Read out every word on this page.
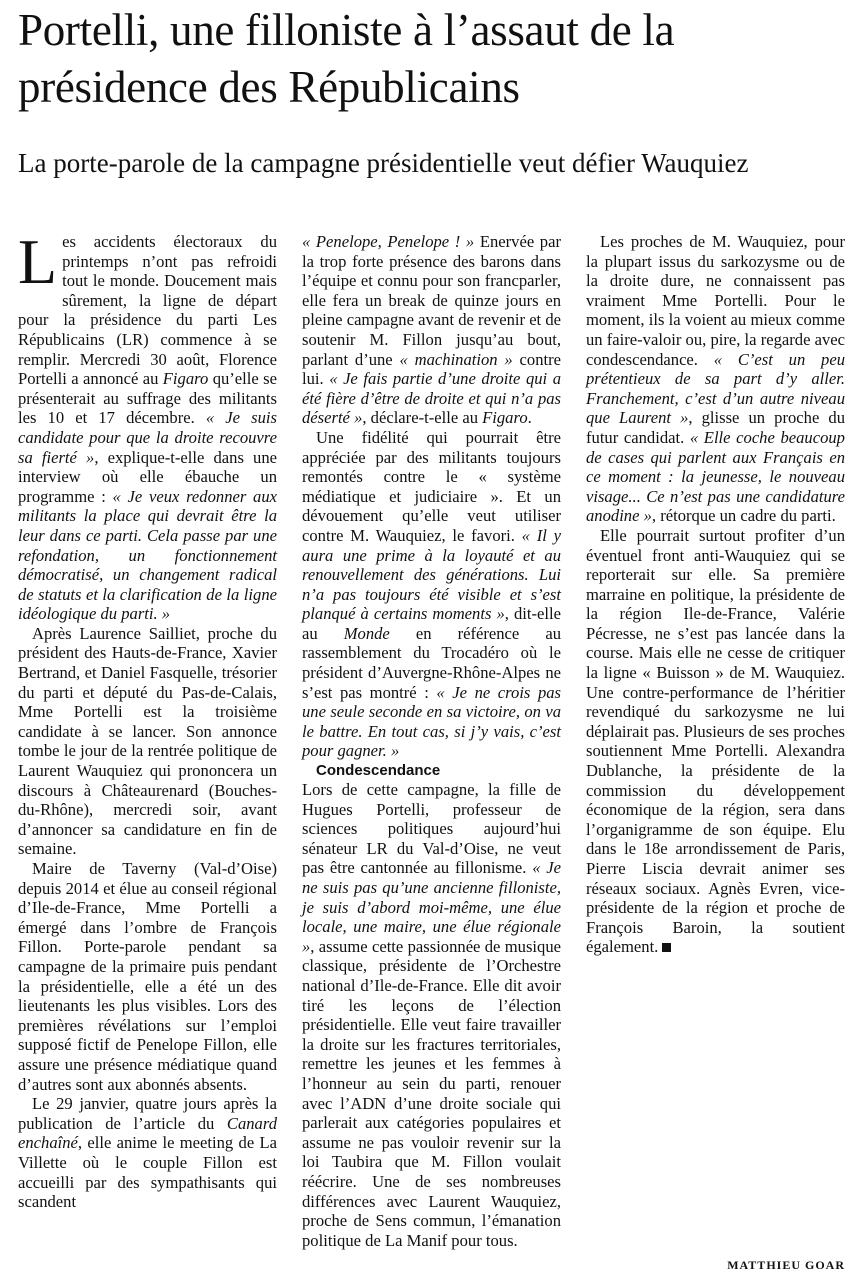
Portelli, une filloniste à l’assaut de la présidence des Républicains
La porte-parole de la campagne présidentielle veut défier Wauquiez

Les accidents électoraux du printemps n’ont pas refroidi tout le monde. Doucement mais sûrement, la ligne de départ pour la présidence du parti Les Républicains (LR) commence à se remplir. Mercredi 30 août, Florence Portelli a annoncé au Figaro qu’elle se présenterait au suffrage des militants les 10 et 17 décembre. « Je suis candidate pour que la droite recouvre sa fierté », explique-t-elle dans une interview où elle ébauche un programme : « Je veux redonner aux militants la place qui devrait être la leur dans ce parti. Cela passe par une refondation, un fonctionnement démocratisé, un changement radical de statuts et la clarification de la ligne idéologique du parti. »

Après Laurence Sailliet, proche du président des Hauts-de-France, Xavier Bertrand, et Daniel Fasquelle, trésorier du parti et député du Pas-de-Calais, Mme Portelli est la troisième candidate à se lancer. Son annonce tombe le jour de la rentrée politique de Laurent Wauquiez qui prononcera un discours à Châteaurenard (Bouches-du-Rhône), mercredi soir, avant d’annoncer sa candidature en fin de semaine.

Maire de Taverny (Val-d’Oise) depuis 2014 et élue au conseil régional d’Ile-de-France, Mme Portelli a émergé dans l’ombre de François Fillon. Porte-parole pendant sa campagne de la primaire puis pendant la présidentielle, elle a été un des lieutenants les plus visibles. Lors des premières révélations sur l’emploi supposé fictif de Penelope Fillon, elle assure une présence médiatique quand d’autres sont aux abonnés absents.

Le 29 janvier, quatre jours après la publication de l’article du Canard enchaîné, elle anime le meeting de La Villette où le couple Fillon est accueilli par des sympathisants qui scandent

« Penelope, Penelope ! » Enervée par la trop forte présence des barons dans l’équipe et connu pour son francparler, elle fera un break de quinze jours en pleine campagne avant de revenir et de soutenir M. Fillon jusqu’au bout, parlant d’une « machination » contre lui. « Je fais partie d’une droite qui a été fière d’être de droite et qui n’a pas déserté », déclare-t-elle au Figaro.

Une fidélité qui pourrait être appréciée par des militants toujours remontés contre le « système médiatique et judiciaire ». Et un dévouement qu’elle veut utiliser contre M. Wauquiez, le favori. « Il y aura une prime à la loyauté et au renouvellement des générations. Lui n’a pas toujours été visible et s’est planqué à certains moments », dit-elle au Monde en référence au rassemblement du Trocadéro où le président d’Auvergne-Rhône-Alpes ne s’est pas montré : « Je ne crois pas une seule seconde en sa victoire, on va le battre. En tout cas, si j’y vais, c’est pour gagner. »

Condescendance

Lors de cette campagne, la fille de Hugues Portelli, professeur de sciences politiques aujourd’hui sénateur LR du Val-d’Oise, ne veut pas être cantonnée au fillonisme. « Je ne suis pas qu’une ancienne filloniste, je suis d’abord moi-même, une élue locale, une maire, une élue régionale », assume cette passionnée de musique classique, présidente de l’Orchestre national d’Ile-de-France. Elle dit avoir tiré les leçons de l’élection présidentielle. Elle veut faire travailler la droite sur les fractures territoriales, remettre les jeunes et les femmes à l’honneur au sein du parti, renouer avec l’ADN d’une droite sociale qui parlerait aux catégories populaires et assume ne pas vouloir revenir sur la loi Taubira que M. Fillon voulait réécrire. Une de ses nombreuses différences avec Laurent Wauquiez, proche de Sens commun, l’émanation politique de La Manif pour tous.

Les proches de M. Wauquiez, pour la plupart issus du sarkozysme ou de la droite dure, ne connaissent pas vraiment Mme Portelli. Pour le moment, ils la voient au mieux comme un faire-valoir ou, pire, la regarde avec condescendance. « C’est un peu prétentieux de sa part d’y aller. Franchement, c’est d’un autre niveau que Laurent », glisse un proche du futur candidat. « Elle coche beaucoup de cases qui parlent aux Français en ce moment : la jeunesse, le nouveau visage... Ce n’est pas une candidature anodine », rétorque un cadre du parti.

Elle pourrait surtout profiter d’un éventuel front anti-Wauquiez qui se reporterait sur elle. Sa première marraine en politique, la présidente de la région Ile-de-France, Valérie Pécresse, ne s’est pas lancée dans la course. Mais elle ne cesse de critiquer la ligne « Buisson » de M. Wauquiez. Une contre-performance de l’héritier revendiqué du sarkozysme ne lui déplairait pas. Plusieurs de ses proches soutiennent Mme Portelli. Alexandra Dublanche, la présidente de la commission du développement économique de la région, sera dans l’organigramme de son équipe. Elu dans le 18e arrondissement de Paris, Pierre Liscia devrait animer ses réseaux sociaux. Agnès Evren, vice-présidente de la région et proche de François Baroin, la soutient également.

MATTHIEU GOAR
